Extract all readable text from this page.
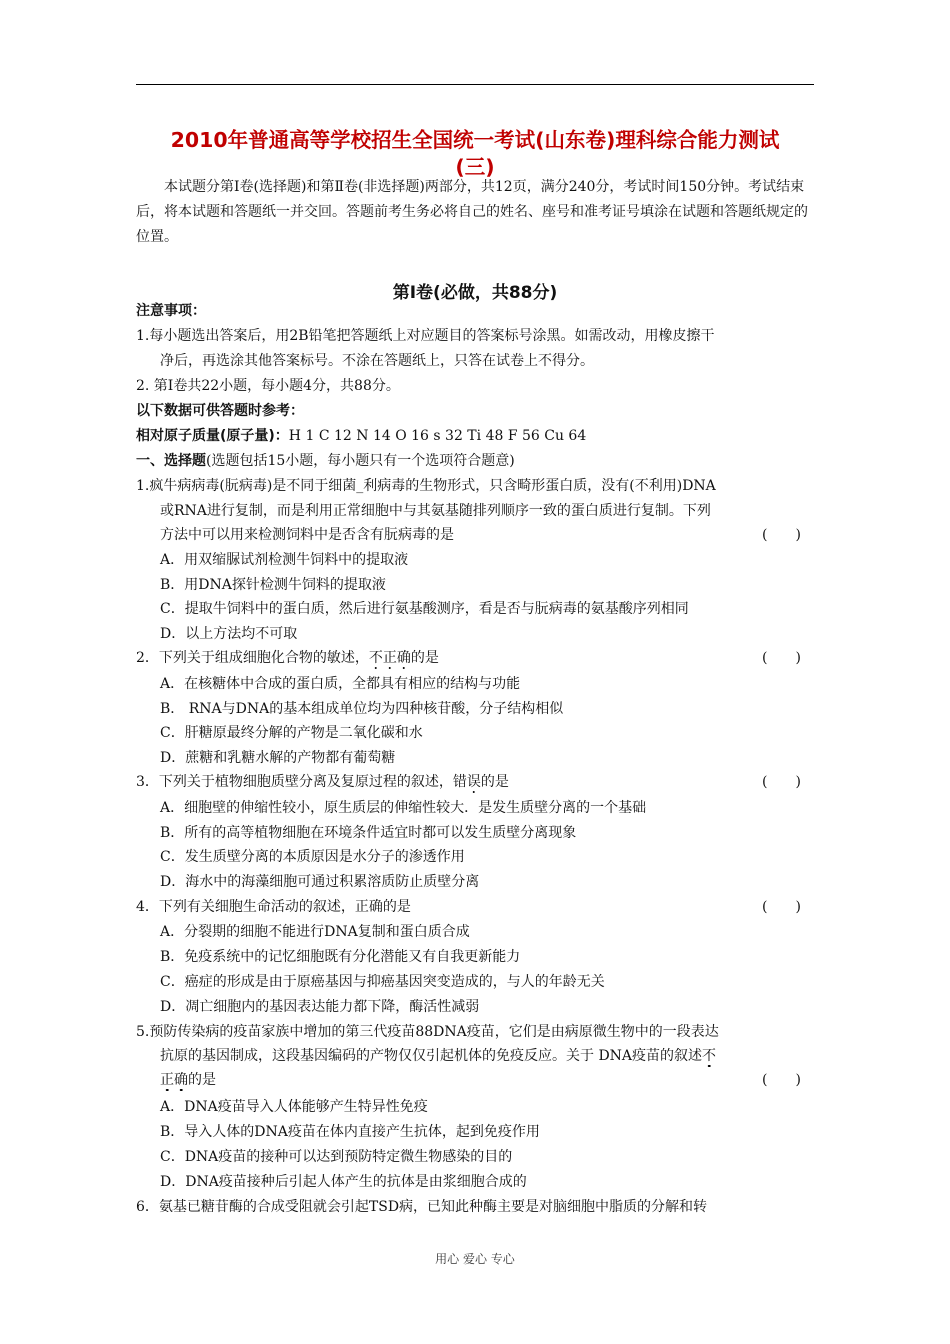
2010年普通高等学校招生全国统一考试(山东卷)理科综合能力测试
(三)
本试题分第Ⅰ卷(选择题)和第Ⅱ卷(非选择题)两部分，共12页，满分240分，考试时间150分钟。考试结束后，将本试题和答题纸一并交回。答题前考生务必将自己的姓名、座号和准考证号填涂在试题和答题纸规定的位置。
第Ⅰ卷(必做，共88分)
注意事项：
1.每小题选出答案后，用2B铅笔把答题纸上对应题目的答案标号涂黑。如需改动，用橡皮擦干
净后，再选涂其他答案标号。不涂在答题纸上，只答在试卷上不得分。
2. 第Ⅰ卷共22小题，每小题4分，共88分。
以下数据可供答题时参考：
相对原子质量(原子量)：H 1 C 12 N 14 O 16 s 32 Ti 48 F 56 Cu 64
一、选择题(选题包括15小题，每小题只有一个选项符合题意)
1.疯牛病病毒(朊病毒)是不同于细菌_利病毒的生物形式，只含畸形蛋白质，没有(不利用)DNA
或RNA进行复制，而是利用正常细胞中与其氨基随排列顺序一致的蛋白质进行复制。下列
方法中可以用来检测饲料中是否含有朊病毒的是	(　　)
A．用双缩脲试剂检测牛饲料中的提取液
B．用DNA探针检测牛饲料的提取液
C．提取牛饲料中的蛋白质，然后进行氨基酸测序，看是否与朊病毒的氨基酸序列相同
D．以上方法均不可取
2．下列关于组成细胞化合物的敏述，不正确的是	(　　)
A．在核糖体中合成的蛋白质，全都具有相应的结构与功能
B． RNA与DNA的基本组成单位均为四种核苷酸，分子结构相似
C．肝糖原最终分解的产物是二氧化碳和水
D．蔗糖和乳糖水解的产物都有葡萄糖
3．下列关于植物细胞质壁分离及复原过程的叙述，错误的是	(　　)
A．细胞壁的伸缩性较小，原生质层的伸缩性较大．是发生质壁分离的一个基础
B．所有的高等植物细胞在环境条件适宜时都可以发生质壁分离现象
C．发生质壁分离的本质原因是水分子的渗透作用
D．海水中的海藻细胞可通过积累溶质防止质壁分离
4．下列有关细胞生命活动的叙述，正确的是	(　　)
A．分裂期的细胞不能进行DNA复制和蛋白质合成
B．免疫系统中的记忆细胞既有分化潜能又有自我更新能力
C．癌症的形成是由于原癌基因与抑癌基因突变造成的，与人的年龄无关
D．凋亡细胞内的基因表达能力都下降，酶活性减弱
5.预防传染病的疫苗家族中增加的第三代疫苗88DNA疫苗，它们是由病原微生物中的一段表达
抗原的基因制成，这段基因编码的产物仅仅引起机体的免疫反应。关于 DNA疫苗的叙述不
正确的是	(　　)
A．DNA疫苗导入人体能够产生特异性免疫
B．导入人体的DNA疫苗在体内直接产生抗体，起到免疫作用
C．DNA疫苗的接种可以达到预防特定微生物感染的目的
D．DNA疫苗接种后引起人体产生的抗体是由浆细胞合成的
6．氨基已糖苷酶的合成受阻就会引起TSD病，已知此种酶主要是对脑细胞中脂质的分解和转
用心 爱心 专心
